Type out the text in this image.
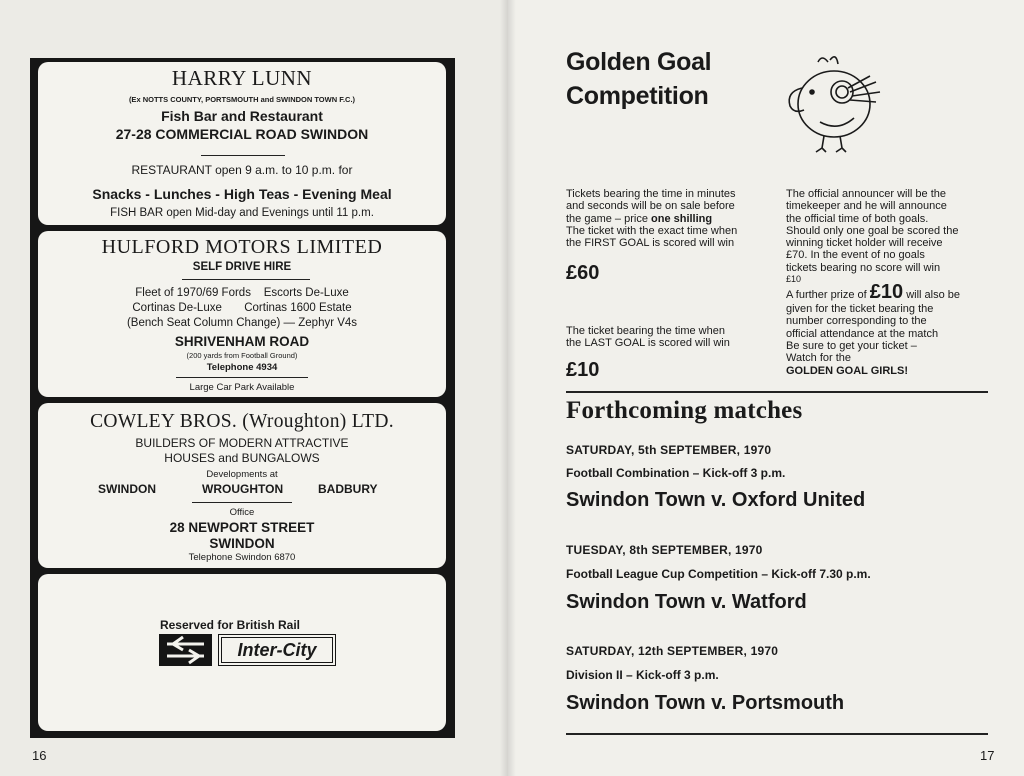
HARRY LUNN
(Ex NOTTS COUNTY, PORTSMOUTH and SWINDON TOWN F.C.)
Fish Bar and Restaurant
27-28 COMMERCIAL ROAD SWINDON
RESTAURANT open 9 a.m. to 10 p.m. for
Snacks - Lunches - High Teas - Evening Meal
FISH BAR open Mid-day and Evenings until 11 p.m.
HULFORD MOTORS LIMITED
SELF DRIVE HIRE
Fleet of 1970/69 Fords    Escorts De-Luxe
Cortinas De-Luxe       Cortinas 1600 Estate
(Bench Seat Column Change) — Zephyr V4s
SHRIVENHAM ROAD
(200 yards from Football Ground)
Telephone 4934
Large Car Park Available
COWLEY BROS. (Wroughton) LTD.
BUILDERS OF MODERN ATTRACTIVE
HOUSES and BUNGALOWS
Developments at
SWINDON	WROUGHTON	BADBURY
Office
28 NEWPORT STREET
SWINDON
Telephone Swindon 6870
Reserved for British Rail
Inter-City
16
Golden Goal
Competition
Tickets bearing the time in minutes
and seconds will be on sale before
the game – price one shilling
The ticket with the exact time when
the FIRST GOAL is scored will win
£60
The ticket bearing the time when
the LAST GOAL is scored will win
£10
The official announcer will be the
timekeeper and he will announce
the official time of both goals.
Should only one goal be scored the
winning ticket holder will receive
£70. In the event of no goals
tickets bearing no score will win
£10
A further prize of £10 will also be
given for the ticket bearing the
number corresponding to the
official attendance at the match
Be sure to get your ticket –
Watch for the
GOLDEN GOAL GIRLS!
Forthcoming matches
SATURDAY, 5th SEPTEMBER, 1970
Football Combination – Kick-off 3 p.m.
Swindon Town v. Oxford United
TUESDAY, 8th SEPTEMBER, 1970
Football League Cup Competition – Kick-off 7.30 p.m.
Swindon Town v. Watford
SATURDAY, 12th SEPTEMBER, 1970
Division II – Kick-off 3 p.m.
Swindon Town v. Portsmouth
17
